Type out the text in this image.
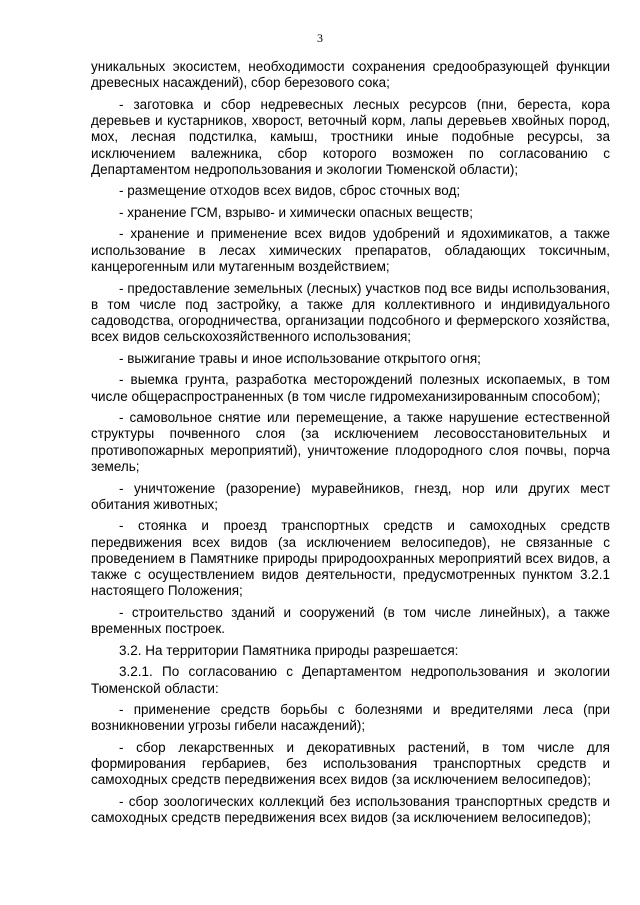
3

уникальных экосистем, необходимости сохранения средообразующей функции древесных насаждений), сбор березового сока;

- заготовка и сбор недревесных лесных ресурсов (пни, береста, кора деревьев и кустарников, хворост, веточный корм, лапы деревьев хвойных пород, мох, лесная подстилка, камыш, тростники иные подобные ресурсы, за исключением валежника, сбор которого возможен по согласованию с Департаментом недропользования и экологии Тюменской области);

- размещение отходов всех видов, сброс сточных вод;

- хранение ГСМ, взрыво- и химически опасных веществ;

- хранение и применение всех видов удобрений и ядохимикатов, а также использование в лесах химических препаратов, обладающих токсичным, канцерогенным или мутагенным воздействием;

- предоставление земельных (лесных) участков под все виды использования, в том числе под застройку, а также для коллективного и индивидуального садоводства, огородничества, организации подсобного и фермерского хозяйства, всех видов сельскохозяйственного использования;

- выжигание травы и иное использование открытого огня;

- выемка грунта, разработка месторождений полезных ископаемых, в том числе общераспространенных (в том числе гидромеханизированным способом);

- самовольное снятие или перемещение, а также нарушение естественной структуры почвенного слоя (за исключением лесовосстановительных и противопожарных мероприятий), уничтожение плодородного слоя почвы, порча земель;

- уничтожение (разорение) муравейников, гнезд, нор или других мест обитания животных;

- стоянка и проезд транспортных средств и самоходных средств передвижения всех видов (за исключением велосипедов), не связанные с проведением в Памятнике природы природоохранных мероприятий всех видов, а также с осуществлением видов деятельности, предусмотренных пунктом 3.2.1 настоящего Положения;

- строительство зданий и сооружений (в том числе линейных), а также временных построек.

3.2. На территории Памятника природы разрешается:

3.2.1. По согласованию с Департаментом недропользования и экологии Тюменской области:

- применение средств борьбы с болезнями и вредителями леса (при возникновении угрозы гибели насаждений);

- сбор лекарственных и декоративных растений, в том числе для формирования гербариев, без использования транспортных средств и самоходных средств передвижения всех видов (за исключением велосипедов);

- сбор зоологических коллекций без использования транспортных средств и самоходных средств передвижения всех видов (за исключением велосипедов);
